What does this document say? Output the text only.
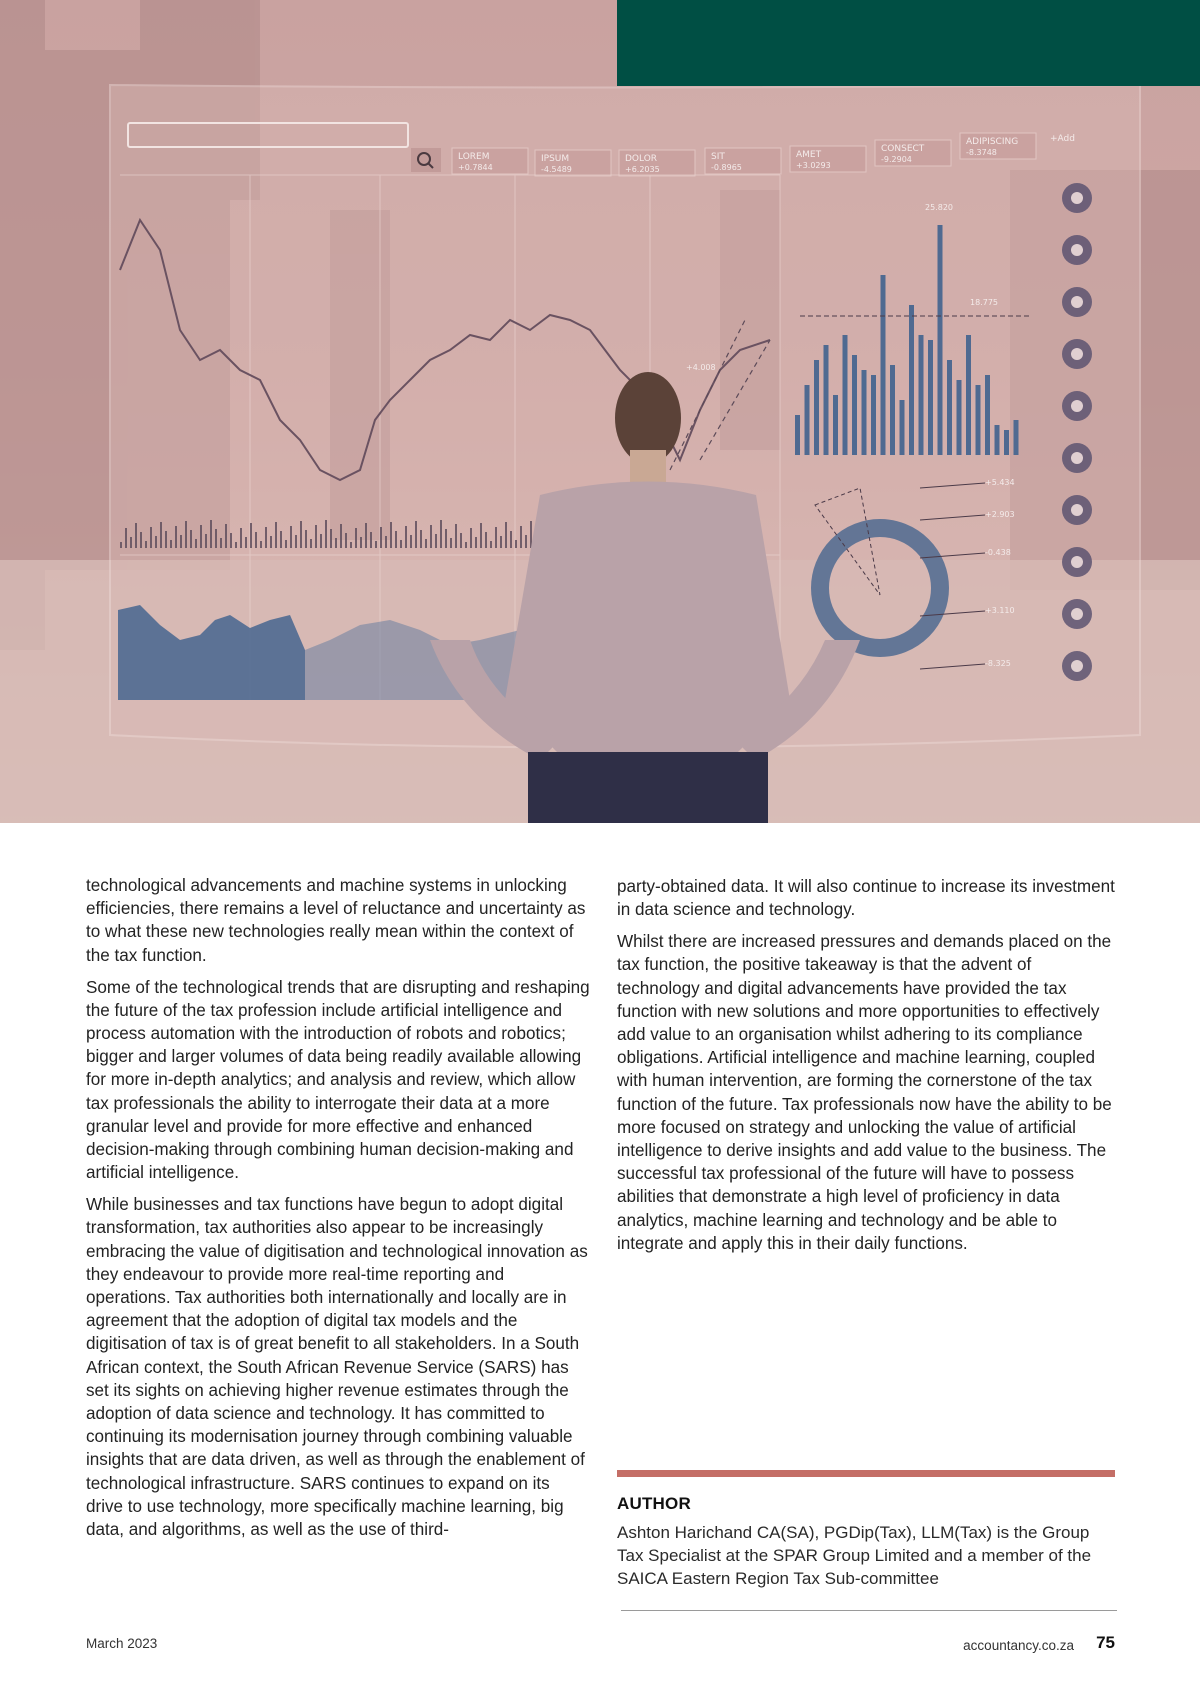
LOREM
+0.7844
IPSUM
-4.5489
DOLOR
+6.2035
SIT
-0.8965
AMET
+3.0293
CONSECT
-9.2904
ADIPISCING
-8.3748
+Add
+4.008
25.820
18.775
+5.434
+2.903
-0.438
+3.110
-8.325

technological advancements and machine systems in unlocking efficiencies, there remains a level of reluctance and uncertainty as to what these new technologies really mean within the context of the tax function.

Some of the technological trends that are disrupting and reshaping the future of the tax profession include artificial intelligence and process automation with the introduction of robots and robotics; bigger and larger volumes of data being readily available allowing for more in-depth analytics; and analysis and review, which allow tax professionals the ability to interrogate their data at a more granular level and provide for more effective and enhanced decision-making through combining human decision-making and artificial intelligence.

While businesses and tax functions have begun to adopt digital transformation, tax authorities also appear to be increasingly embracing the value of digitisation and technological innovation as they endeavour to provide more real-time reporting and operations. Tax authorities both internationally and locally are in agreement that the adoption of digital tax models and the digitisation of tax is of great benefit to all stakeholders. In a South African context, the South African Revenue Service (SARS) has set its sights on achieving higher revenue estimates through the adoption of data science and technology. It has committed to continuing its modernisation journey through combining valuable insights that are data driven, as well as through the enablement of technological infrastructure. SARS continues to expand on its drive to use technology, more specifically machine learning, big data, and algorithms, as well as the use of third-

party-obtained data. It will also continue to increase its investment in data science and technology.

Whilst there are increased pressures and demands placed on the tax function, the positive takeaway is that the advent of technology and digital advancements have provided the tax function with new solutions and more opportunities to effectively add value to an organisation whilst adhering to its compliance obligations. Artificial intelligence and machine learning, coupled with human intervention, are forming the cornerstone of the tax function of the future. Tax professionals now have the ability to be more focused on strategy and unlocking the value of artificial intelligence to derive insights and add value to the business. The successful tax professional of the future will have to possess abilities that demonstrate a high level of proficiency in data analytics, machine learning and technology and be able to integrate and apply this in their daily functions.

AUTHOR
Ashton Harichand CA(SA), PGDip(Tax), LLM(Tax) is the Group Tax Specialist at the SPAR Group Limited and a member of the SAICA Eastern Region Tax Sub-committee
March 2023	accountancy.co.za 75
